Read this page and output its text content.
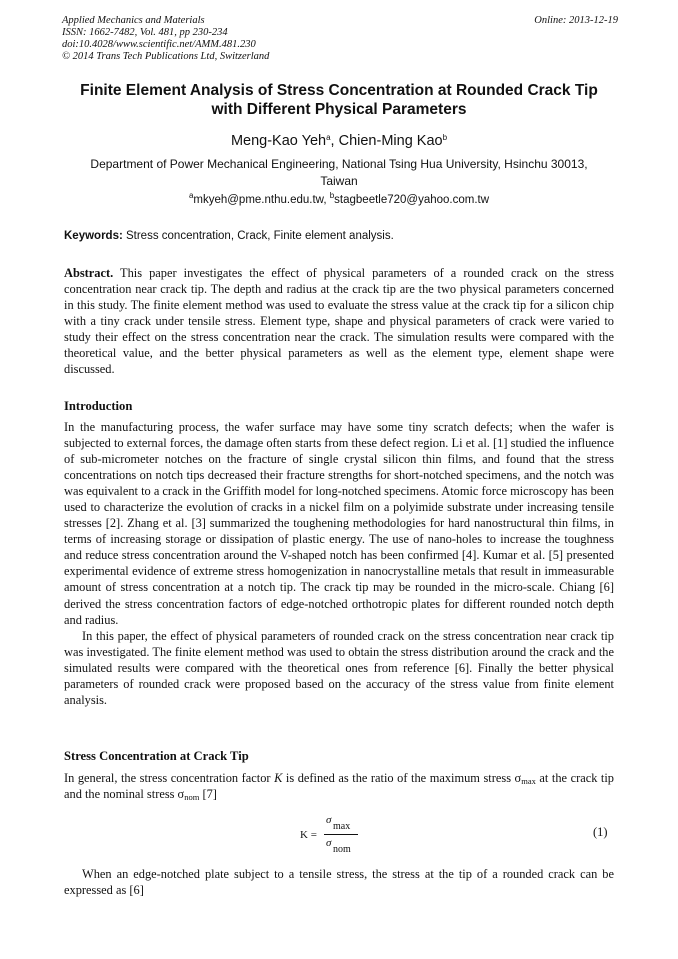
Applied Mechanics and Materials
ISSN: 1662-7482, Vol. 481, pp 230-234
doi:10.4028/www.scientific.net/AMM.481.230
© 2014 Trans Tech Publications Ltd, Switzerland
Online: 2013-12-19
Finite Element Analysis of Stress Concentration at Rounded Crack Tip
with Different Physical Parameters
Meng-Kao Yeh$^a$, Chien-Ming Kao$^b$
Department of Power Mechanical Engineering, National Tsing Hua University, Hsinchu 30013,
Taiwan
$^a$mkyeh@pme.nthu.edu.tw, $^b$stagbeetle720@yahoo.com.tw
Keywords: Stress concentration, Crack, Finite element analysis.
Abstract. This paper investigates the effect of physical parameters of a rounded crack on the stress concentration near crack tip. The depth and radius at the crack tip are the two physical parameters concerned in this study. The finite element method was used to evaluate the stress value at the crack tip for a silicon chip with a tiny crack under tensile stress. Element type, shape and physical parameters of crack were varied to study their effect on the stress concentration near the crack. The simulation results were compared with the theoretical value, and the better physical parameters as well as the element type, element shape were discussed.
Introduction

In the manufacturing process, the wafer surface may have some tiny scratch defects; when the wafer is subjected to external forces, the damage often starts from these defect region. Li et al. [1] studied the influence of sub-micrometer notches on the fracture of single crystal silicon thin films, and found that the stress concentrations on notch tips decreased their fracture strengths for short-notched specimens, and the notch was was equivalent to a crack in the Griffith model for long-notched specimens. Atomic force microscopy has been used to characterize the evolution of cracks in a nickel film on a polyimide substrate under increasing tensile stresses [2]. Zhang et al. [3] summarized the toughening methodologies for hard nanostructural thin films, in terms of increasing storage or dissipation of plastic energy. The use of nano-holes to increase the toughness and reduce stress concentration around the V-shaped notch has been confirmed [4]. Kumar et al. [5] presented experimental evidence of extreme stress homogenization in nanocrystalline metals that result in immeasurable amount of stress concentration at a notch tip. The crack tip may be rounded in the micro-scale. Chiang [6] derived the stress concentration factors of edge-notched orthotropic plates for different rounded notch depth and radius.

In this paper, the effect of physical parameters of rounded crack on the stress concentration near crack tip was investigated. The finite element method was used to obtain the stress distribution around the crack and the simulated results were compared with the theoretical ones from reference [6]. Finally the better physical parameters of rounded crack were proposed based on the accuracy of the stress value from finite element analysis.

Stress Concentration at Crack Tip
In general, the stress concentration factor K is defined as the ratio of the maximum stress $\sigma_{max}$ at the crack tip and the nominal stress $\sigma_{nom}$ [7]
K =
σ
max
σ
nom
(1)

When an edge-notched plate subject to a tensile stress, the stress at the tip of a rounded crack can be expressed as [6]
